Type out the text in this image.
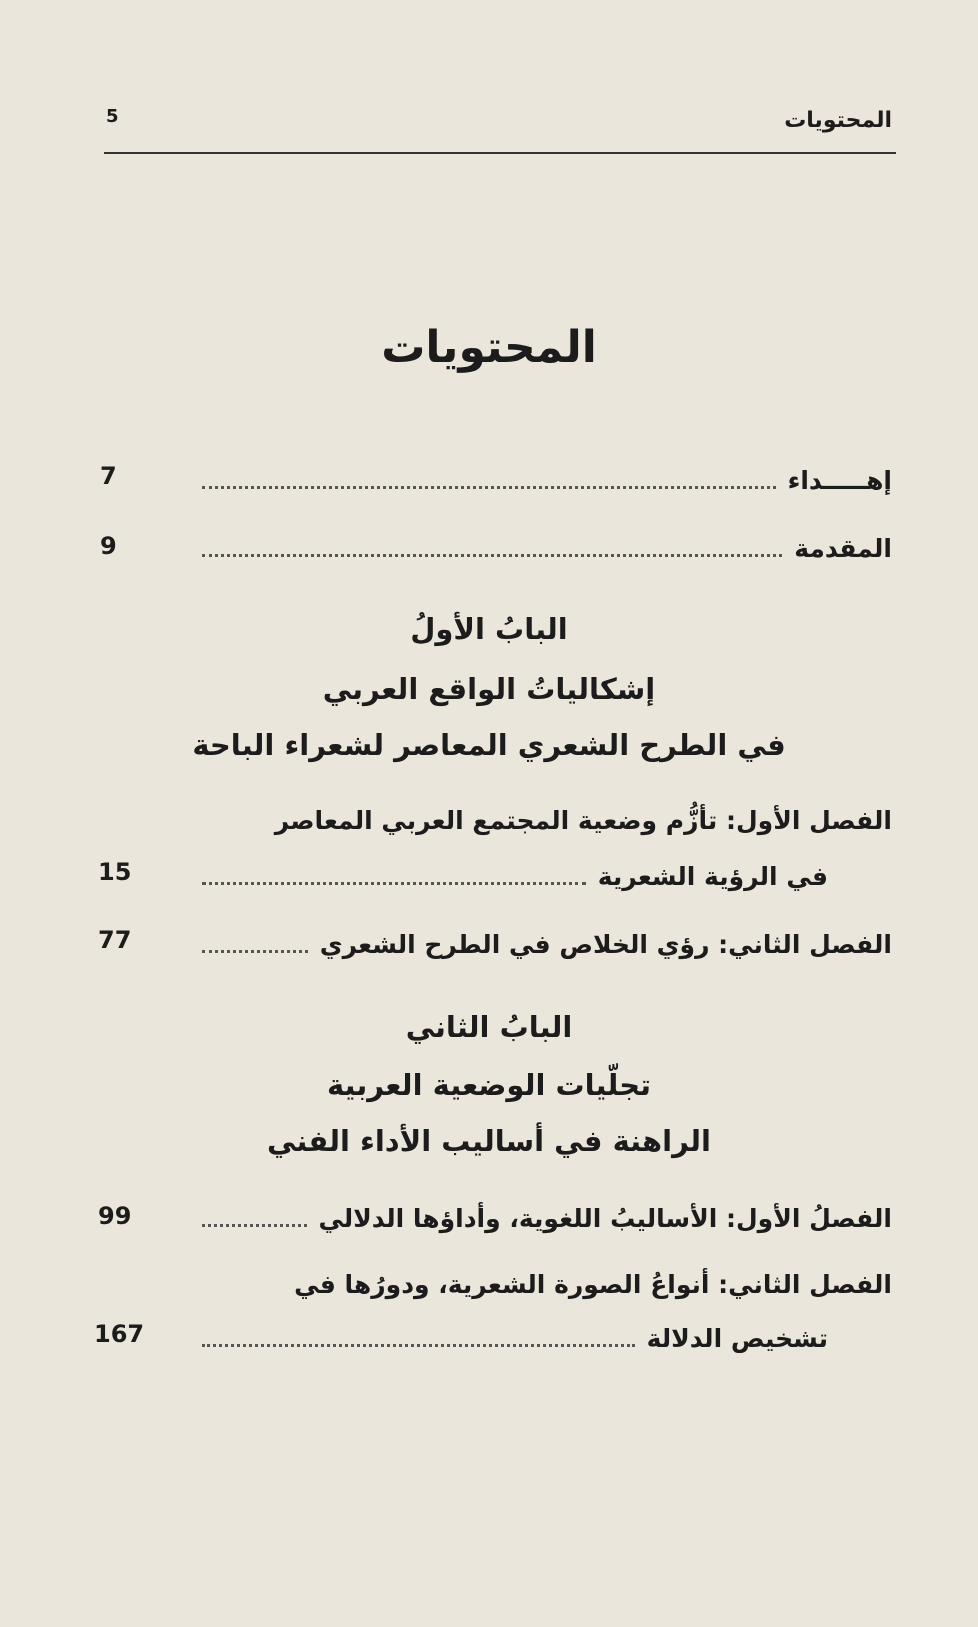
المحتويات
5
المحتويات
إهـــــداء
7
المقدمة
9
البابُ الأولُ
إشكالياتُ الواقع العربي
في الطرح الشعري المعاصر لشعراء الباحة
الفصل الأول: تأزُّم وضعية المجتمع العربي المعاصر
في الرؤية الشعرية
15
الفصل الثاني: رؤي الخلاص في الطرح الشعري
77
البابُ الثاني
تجلّيات الوضعية العربية
الراهنة في أساليب الأداء الفني
الفصلُ الأول: الأساليبُ اللغوية، وأداؤها الدلالي
99
الفصل الثاني: أنواعُ الصورة الشعرية، ودورُها في
تشخيص الدلالة
167
